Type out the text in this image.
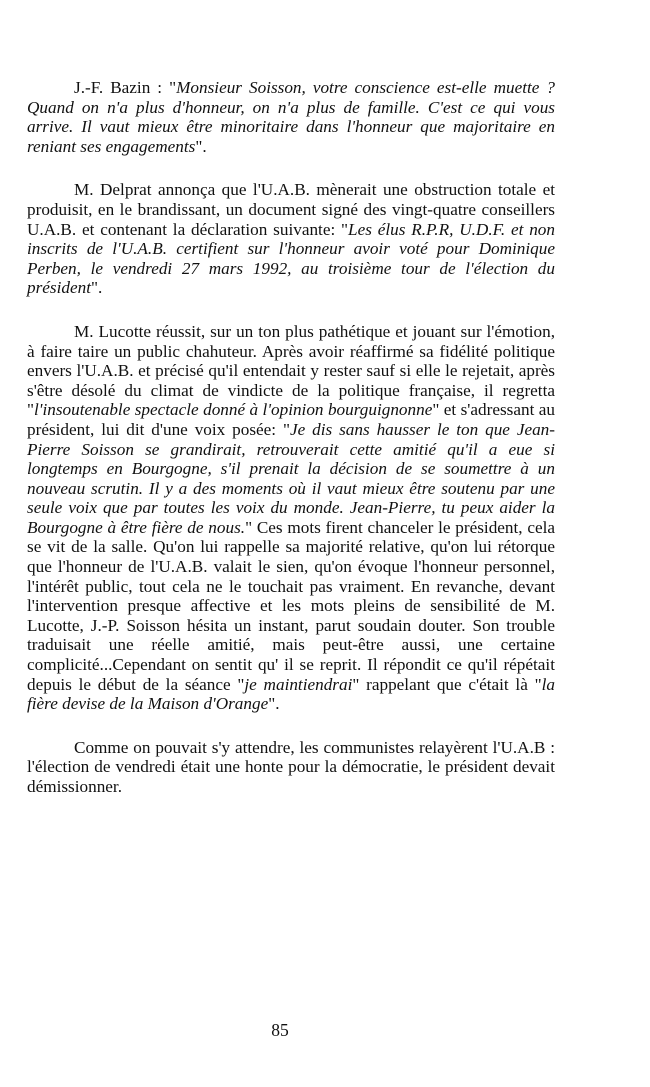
J.-F. Bazin : "Monsieur Soisson, votre conscience est-elle muette ? Quand on n'a plus d'honneur, on n'a plus de famille. C'est ce qui vous arrive. Il vaut mieux être minoritaire dans l'honneur que majoritaire en reniant ses engagements".

M. Delprat annonça que l'U.A.B. mènerait une obstruction totale et produisit, en le brandissant, un document signé des vingt-quatre conseillers U.A.B. et contenant la déclaration suivante: "Les élus R.P.R, U.D.F. et non inscrits de l'U.A.B. certifient sur l'honneur avoir voté pour Dominique Perben, le vendredi 27 mars 1992, au troisième tour de l'élection du président".

M. Lucotte réussit, sur un ton plus pathétique et jouant sur l'émotion, à faire taire un public chahuteur. Après avoir réaffirmé sa fidélité politique envers l'U.A.B. et précisé qu'il entendait y rester sauf si elle le rejetait, après s'être désolé du climat de vindicte de la politique française, il regretta "l'insoutenable spectacle donné à l'opinion bourguignonne" et s'adressant au président, lui dit d'une voix posée: "Je dis sans hausser le ton que Jean-Pierre Soisson se grandirait, retrouverait cette amitié qu'il a eue si longtemps en Bourgogne, s'il prenait la décision de se soumettre à un nouveau scrutin. Il y a des moments où il vaut mieux être soutenu par une seule voix que par toutes les voix du monde. Jean-Pierre, tu peux aider la Bourgogne à être fière de nous." Ces mots firent chanceler le président, cela se vit de la salle. Qu'on lui rappelle sa majorité relative, qu'on lui rétorque que l'honneur de l'U.A.B. valait le sien, qu'on évoque l'honneur personnel, l'intérêt public, tout cela ne le touchait pas vraiment. En revanche, devant l'intervention presque affective et les mots pleins de sensibilité de M. Lucotte, J.-P. Soisson hésita un instant, parut soudain douter. Son trouble traduisait une réelle amitié, mais peut-être aussi, une certaine complicité...Cependant on sentit qu' il se reprit. Il répondit ce qu'il répétait depuis le début de la séance "je maintiendrai" rappelant que c'était là "la fière devise de la Maison d'Orange".

Comme on pouvait s'y attendre, les communistes relayèrent l'U.A.B : l'élection de vendredi était une honte pour la démocratie, le président devait démissionner.

85
